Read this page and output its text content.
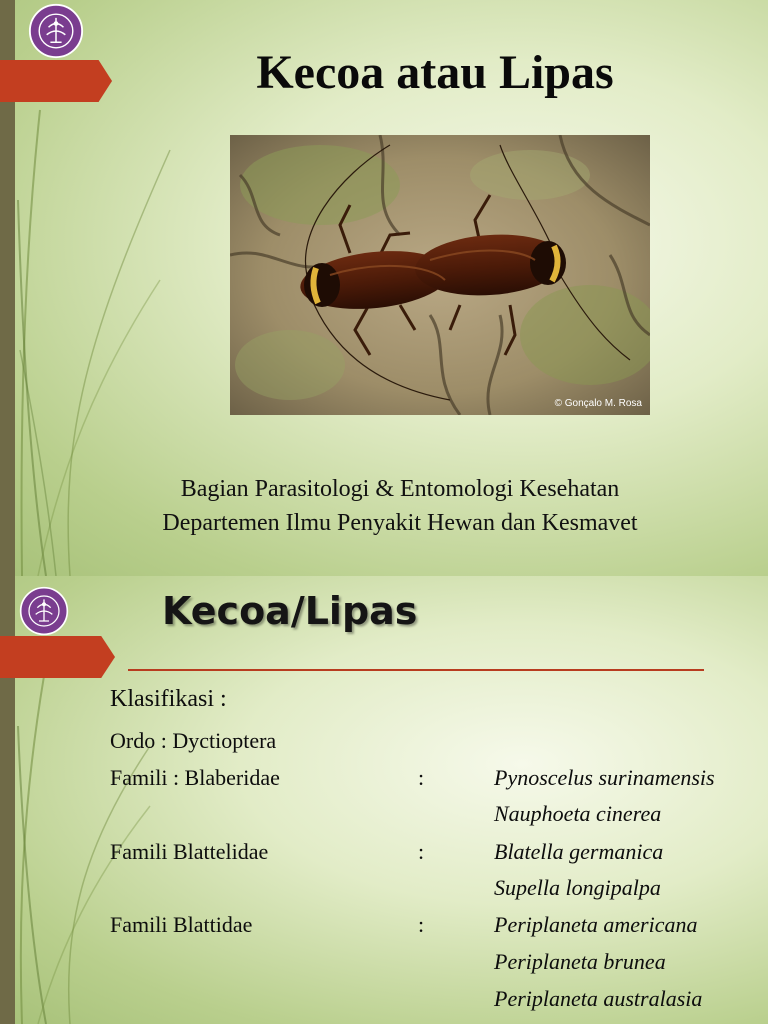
Kecoa atau Lipas
© Gonçalo M. Rosa
Bagian Parasitologi & Entomologi Kesehatan
Departemen Ilmu Penyakit Hewan dan Kesmavet
Kecoa/Lipas
Klasifikasi :
Ordo : Dyctioptera
Famili : Blaberidae	:	Pynoscelus surinamensis
Nauphoeta cinerea
Famili Blattelidae	:	Blatella germanica
Supella longipalpa
Famili Blattidae	:	Periplaneta americana
Periplaneta brunea
Periplaneta australasia
